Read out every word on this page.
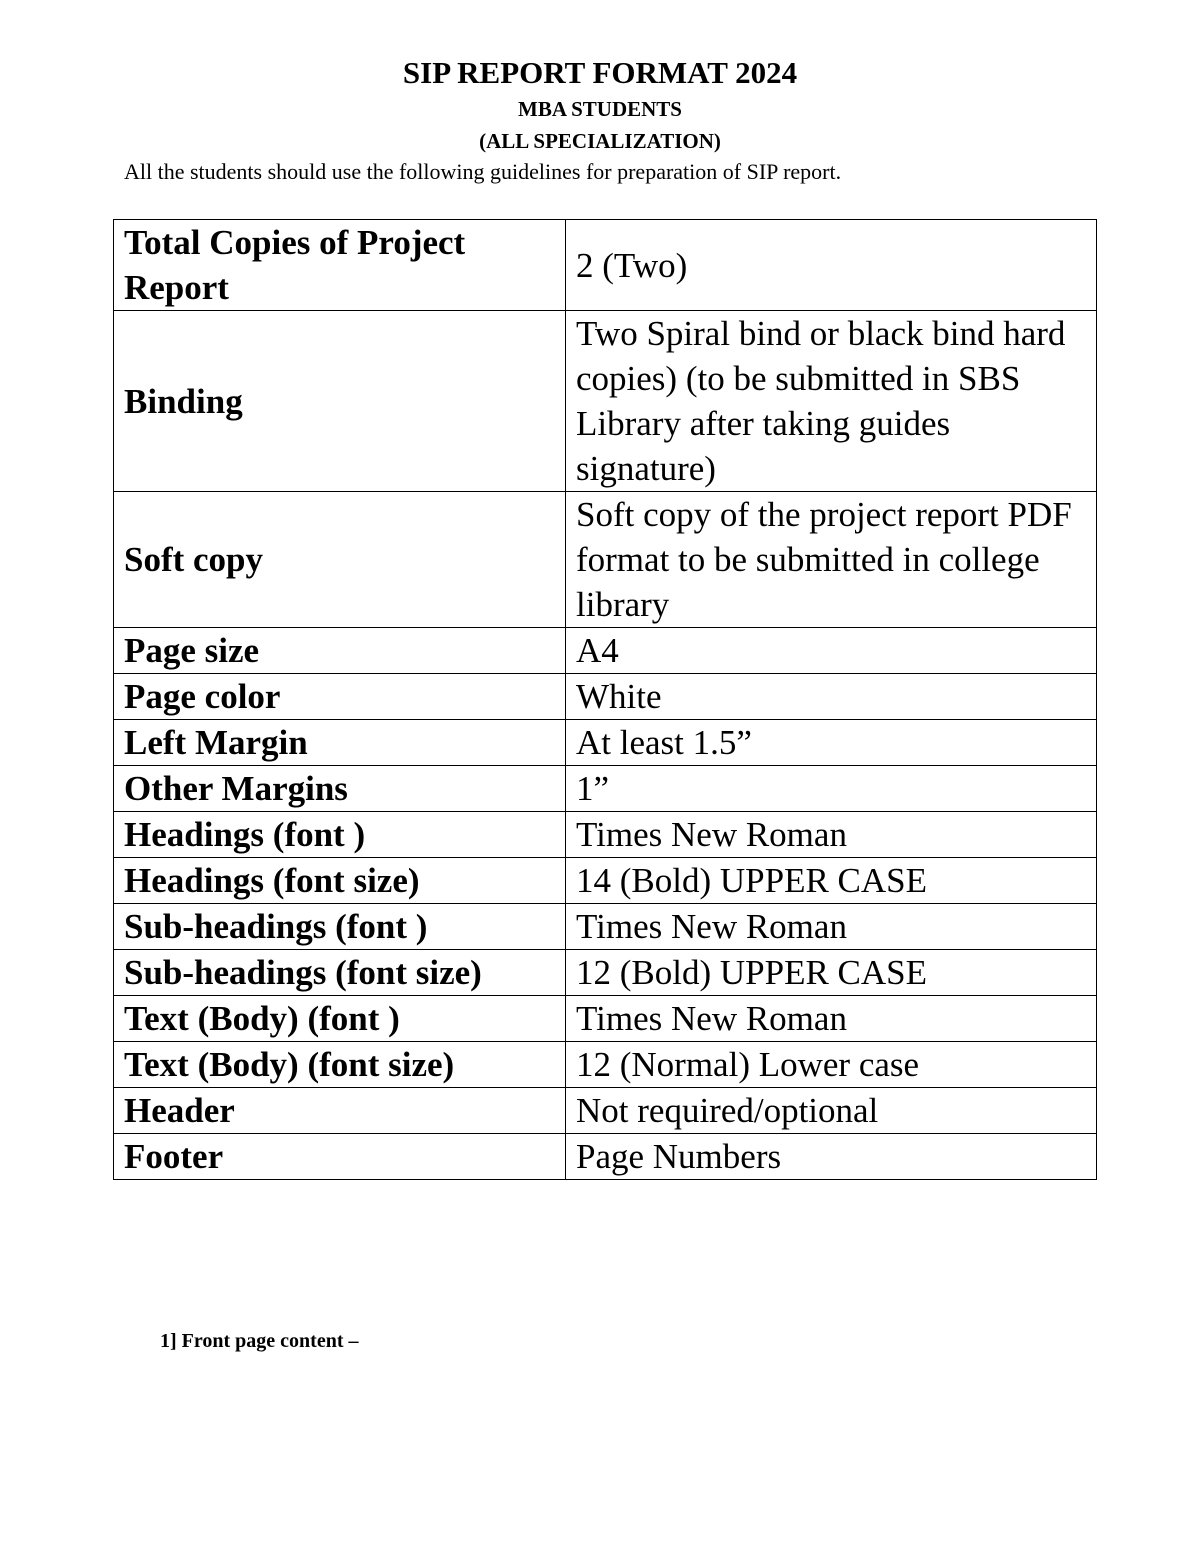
SIP REPORT FORMAT 2024
MBA STUDENTS
(ALL SPECIALIZATION)
All the students should use the following guidelines for preparation of SIP report.
Total Copies of Project Report	2 (Two)
Binding	Two Spiral bind or black bind hard copies) (to be submitted in SBS Library after taking guides signature)
Soft copy	Soft copy of the project report PDF format to be submitted in college library
Page size	A4
Page color	White
Left Margin	At least 1.5”
Other Margins	1”
Headings (font )	Times New Roman
Headings (font size)	14 (Bold) UPPER CASE
Sub-headings (font )	Times New Roman
Sub-headings (font size)	12 (Bold) UPPER CASE
Text (Body) (font )	Times New Roman
Text (Body) (font size)	12 (Normal) Lower case
Header	Not required/optional
Footer	Page Numbers
1] Front page content –
